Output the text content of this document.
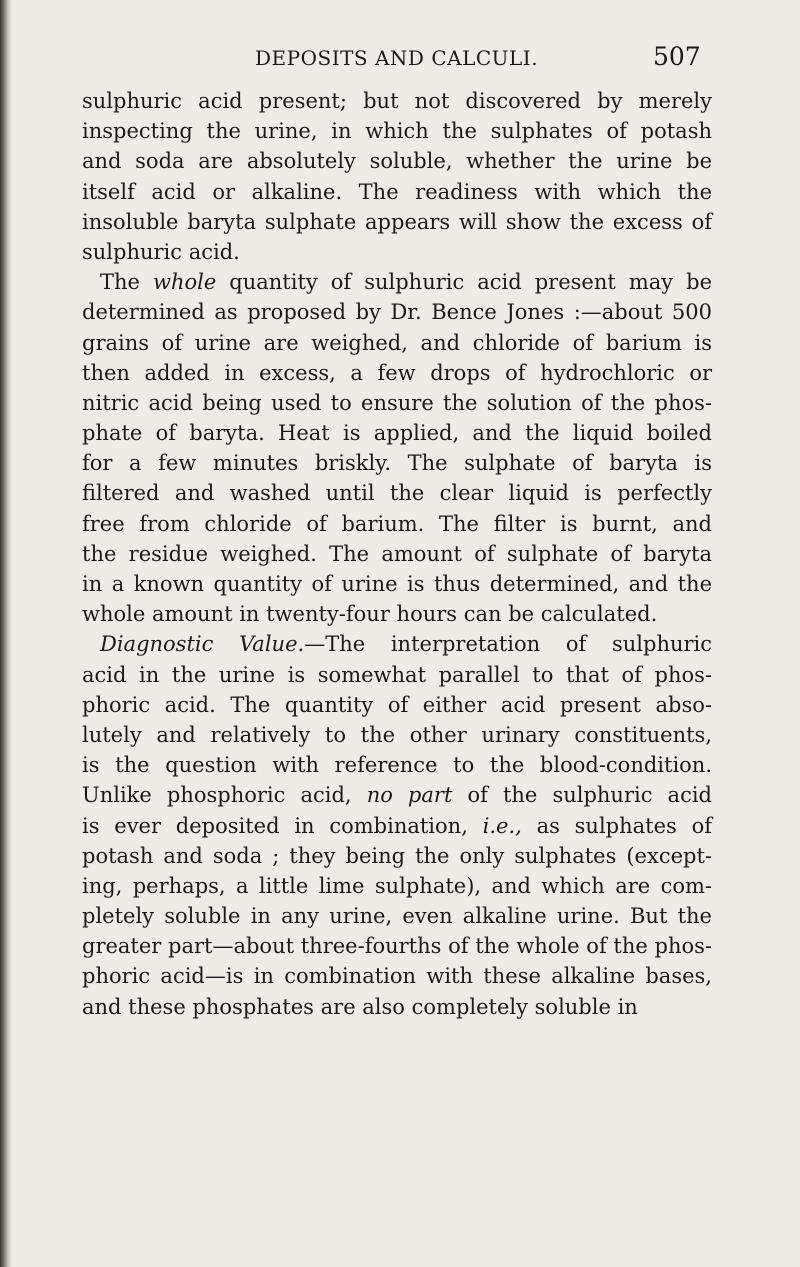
DEPOSITS AND CALCULI.	507
sulphuric acid present; but not discovered by merely
inspecting the urine, in which the sulphates of potash
and soda are absolutely soluble, whether the urine be
itself acid or alkaline. The readiness with which the
insoluble baryta sulphate appears will show the excess of
sulphuric acid.
The whole quantity of sulphuric acid present may be
determined as proposed by Dr. Bence Jones :—about 500
grains of urine are weighed, and chloride of barium is
then added in excess, a few drops of hydrochloric or
nitric acid being used to ensure the solution of the phos-
phate of baryta. Heat is applied, and the liquid boiled
for a few minutes briskly. The sulphate of baryta is
filtered and washed until the clear liquid is perfectly
free from chloride of barium. The filter is burnt, and
the residue weighed. The amount of sulphate of baryta
in a known quantity of urine is thus determined, and the
whole amount in twenty-four hours can be calculated.
Diagnostic Value.—The interpretation of sulphuric
acid in the urine is somewhat parallel to that of phos-
phoric acid. The quantity of either acid present abso-
lutely and relatively to the other urinary constituents,
is the question with reference to the blood-condition.
Unlike phosphoric acid, no part of the sulphuric acid
is ever deposited in combination, i.e., as sulphates of
potash and soda ; they being the only sulphates (except-
ing, perhaps, a little lime sulphate), and which are com-
pletely soluble in any urine, even alkaline urine. But the
greater part—about three-fourths of the whole of the phos-
phoric acid—is in combination with these alkaline bases,
and these phosphates are also completely soluble in
